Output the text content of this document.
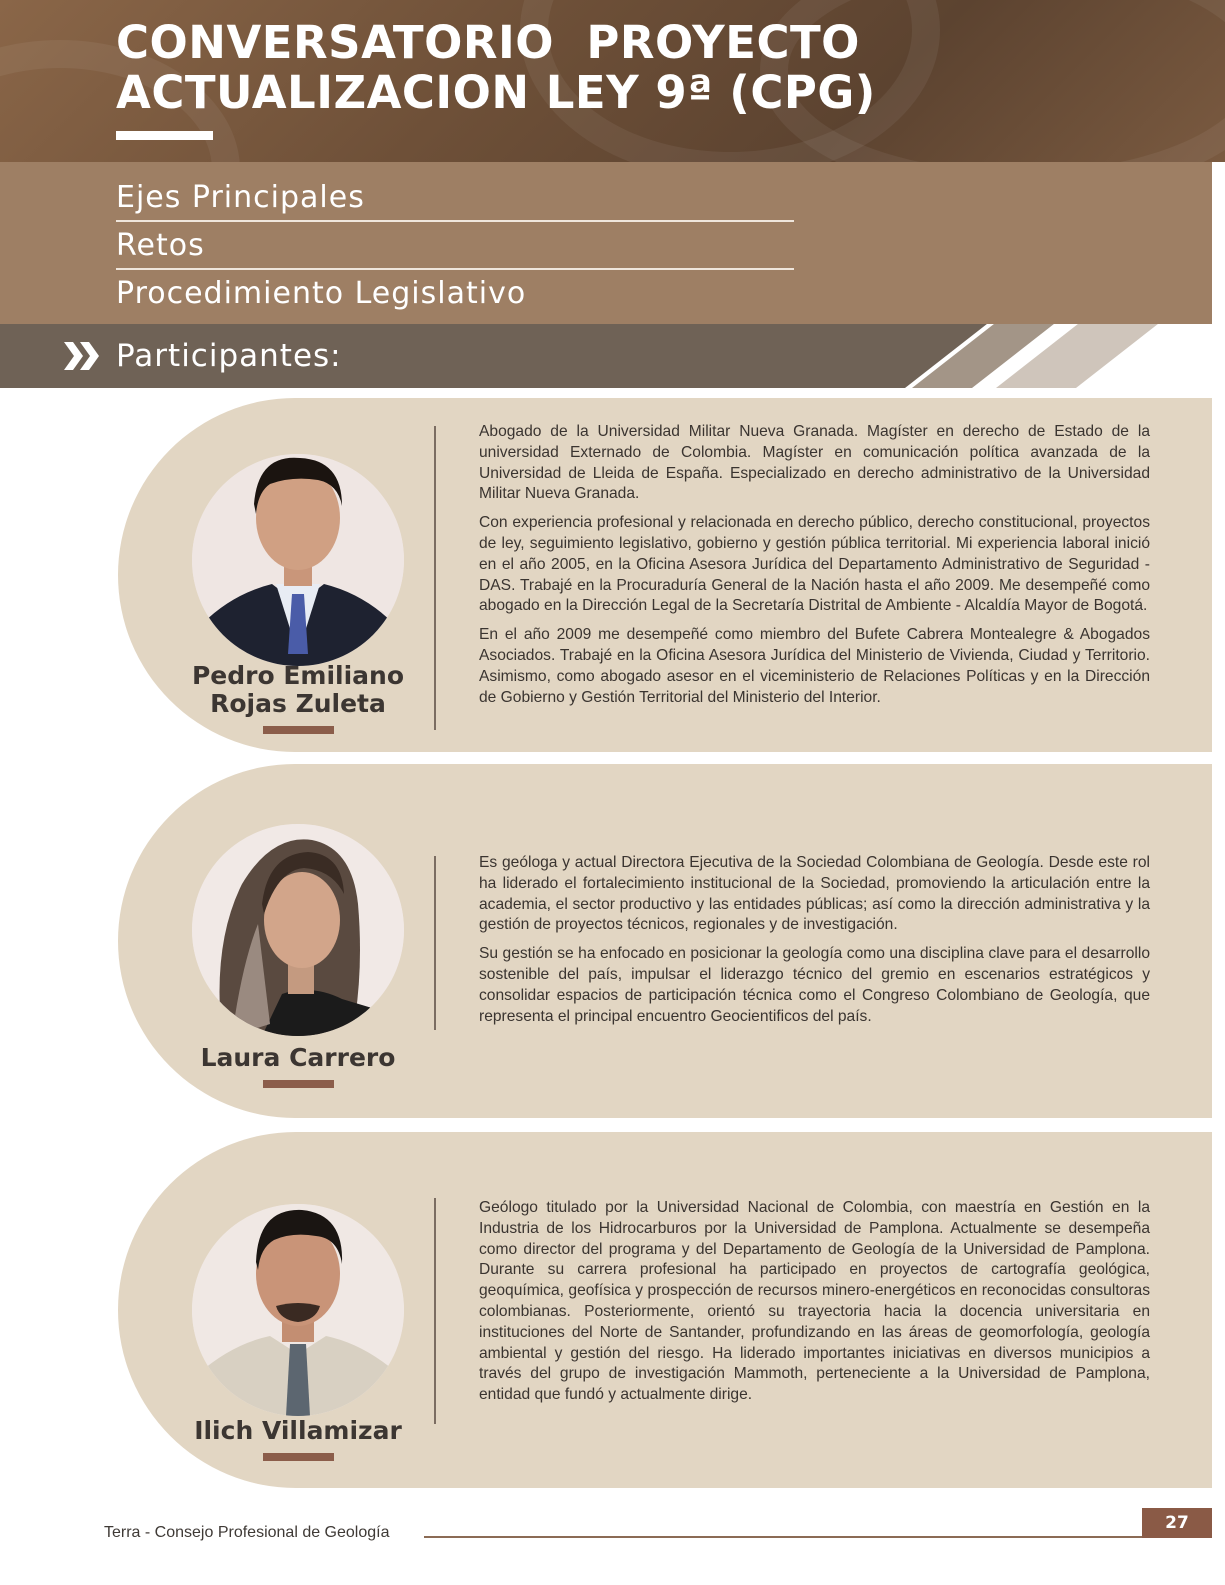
CONVERSATORIO  PROYECTO
ACTUALIZACION LEY 9ª (CPG)
Ejes Principales
Retos
Procedimiento Legislativo
Participantes:
Pedro Emiliano
Rojas Zuleta

Abogado de la Universidad Militar Nueva Granada. Magíster en derecho de Estado de la universidad Externado de Colombia. Magíster en comunicación política avanzada de la Universidad de Lleida de España. Especializado en derecho administrativo de la Universidad Militar Nueva Granada.

Con experiencia profesional y relacionada en derecho público, derecho constitucional, proyectos de ley, seguimiento legislativo, gobierno y gestión pública territorial. Mi experiencia laboral inició en el año 2005, en la Oficina Asesora Jurídica del Departamento Administrativo de Seguridad - DAS. Trabajé en la Procuraduría General de la Nación hasta el año 2009. Me desempeñé como abogado en la Dirección Legal de la Secretaría Distrital de Ambiente - Alcaldía Mayor de Bogotá.

En el año 2009 me desempeñé como miembro del Bufete Cabrera Montealegre & Abogados Asociados. Trabajé en la Oficina Asesora Jurídica del Ministerio de Vivienda, Ciudad y Territorio. Asimismo, como abogado asesor en el viceministerio de Relaciones Políticas y en la Dirección de Gobierno y Gestión Territorial del Ministerio del Interior.

Laura Carrero

Es geóloga y actual Directora Ejecutiva de la Sociedad Colombiana de Geología. Desde este rol ha liderado el fortalecimiento institucional de la Sociedad, promoviendo la articulación entre la academia, el sector productivo y las entidades públicas; así como la dirección administrativa y la gestión de proyectos técnicos, regionales y de investigación.

Su gestión se ha enfocado en posicionar la geología como una disciplina clave para el desarrollo sostenible del país, impulsar el liderazgo técnico del gremio en escenarios estratégicos y consolidar espacios de participación técnica como el Congreso Colombiano de Geología, que representa el principal encuentro Geocientificos del país.

Ilich Villamizar

Geólogo titulado por la Universidad Nacional de Colombia, con maestría en Gestión en la Industria de los Hidrocarburos por la Universidad de Pamplona. Actualmente se desempeña como director del programa y del Departamento de Geología de la Universidad de Pamplona. Durante su carrera profesional ha participado en proyectos de cartografía geológica, geoquímica, geofísica y prospección de recursos minero-energéticos en reconocidas consultoras colombianas. Posteriormente, orientó su trayectoria hacia la docencia universitaria en instituciones del Norte de Santander, profundizando en las áreas de geomorfología, geología ambiental y gestión del riesgo. Ha liderado importantes iniciativas en diversos municipios a través del grupo de investigación Mammoth, perteneciente a la Universidad de Pamplona, entidad que fundó y actualmente dirige.

Terra - Consejo Profesional de Geología	27
